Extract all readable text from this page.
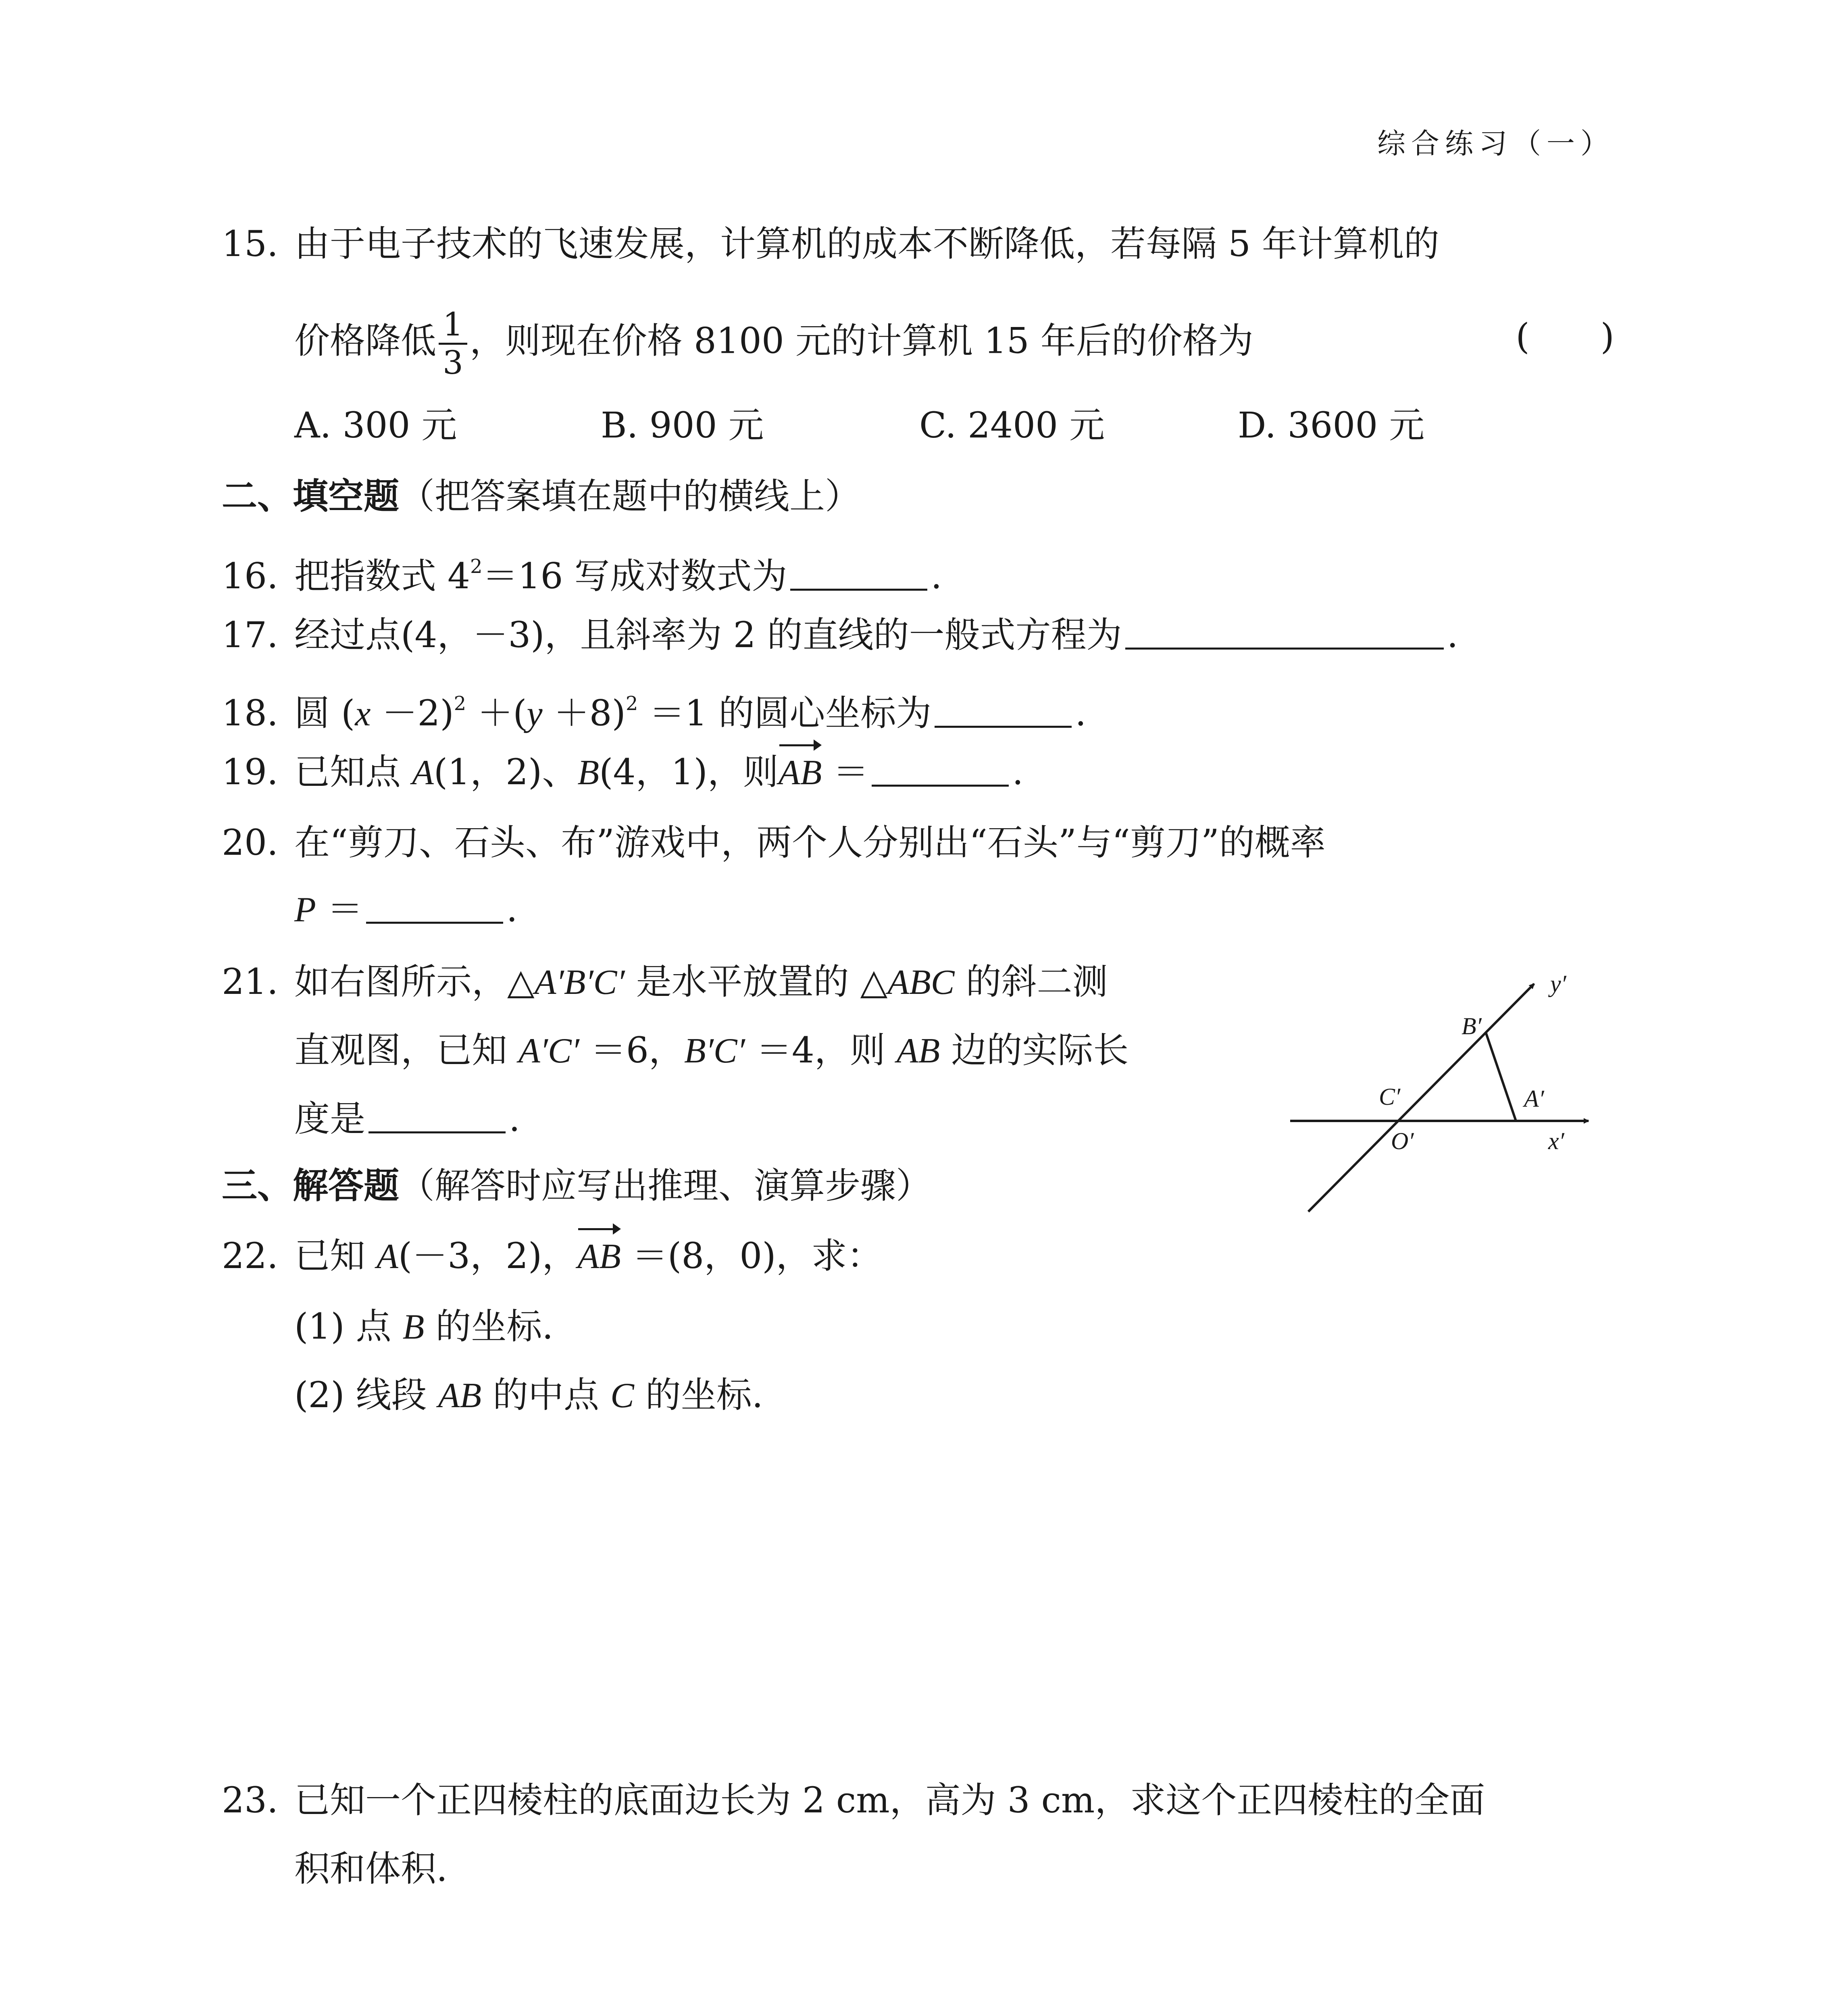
综合练习（一）
15. 由于电子技术的飞速发展，计算机的成本不断降低，若每隔 5 年计算机的
价格降低 $\frac{1}{3}$ ，则现在价格 8100 元的计算机 15 年后的价格为	(　　)
A. 300 元	B. 900 元	C. 2400 元	D. 3600 元
二、填空题（把答案填在题中的横线上）
16. 把指数式 $4^2=16$ 写成对数式为	.
17. 经过点(4，－3)，且斜率为 2 的直线的一般式方程为	.
18. 圆 $(x -2)^2 +(y +8)^2 =1$ 的圆心坐标为	.
19. 已知点 A(1，2)、B(4，1)，则AB ＝	.
20. 在“剪刀、石头、布”游戏中，两个人分别出“石头”与“剪刀”的概率
P ＝	.
21. 如右图所示，△A′B′C′ 是水平放置的 △ABC 的斜二测
直观图，已知 A′C′ ＝6，B′C′ ＝4，则 AB 边的实际长
度是	.
y′
B′
C′	A′
O′	x′
三、解答题（解答时应写出推理、演算步骤）
22. 已知 A(－3，2)，AB ＝(8，0)，求：
(1) 点 B 的坐标.
(2) 线段 AB 的中点 C 的坐标.
23. 已知一个正四棱柱的底面边长为 2 cm，高为 3 cm，求这个正四棱柱的全面
积和体积.
